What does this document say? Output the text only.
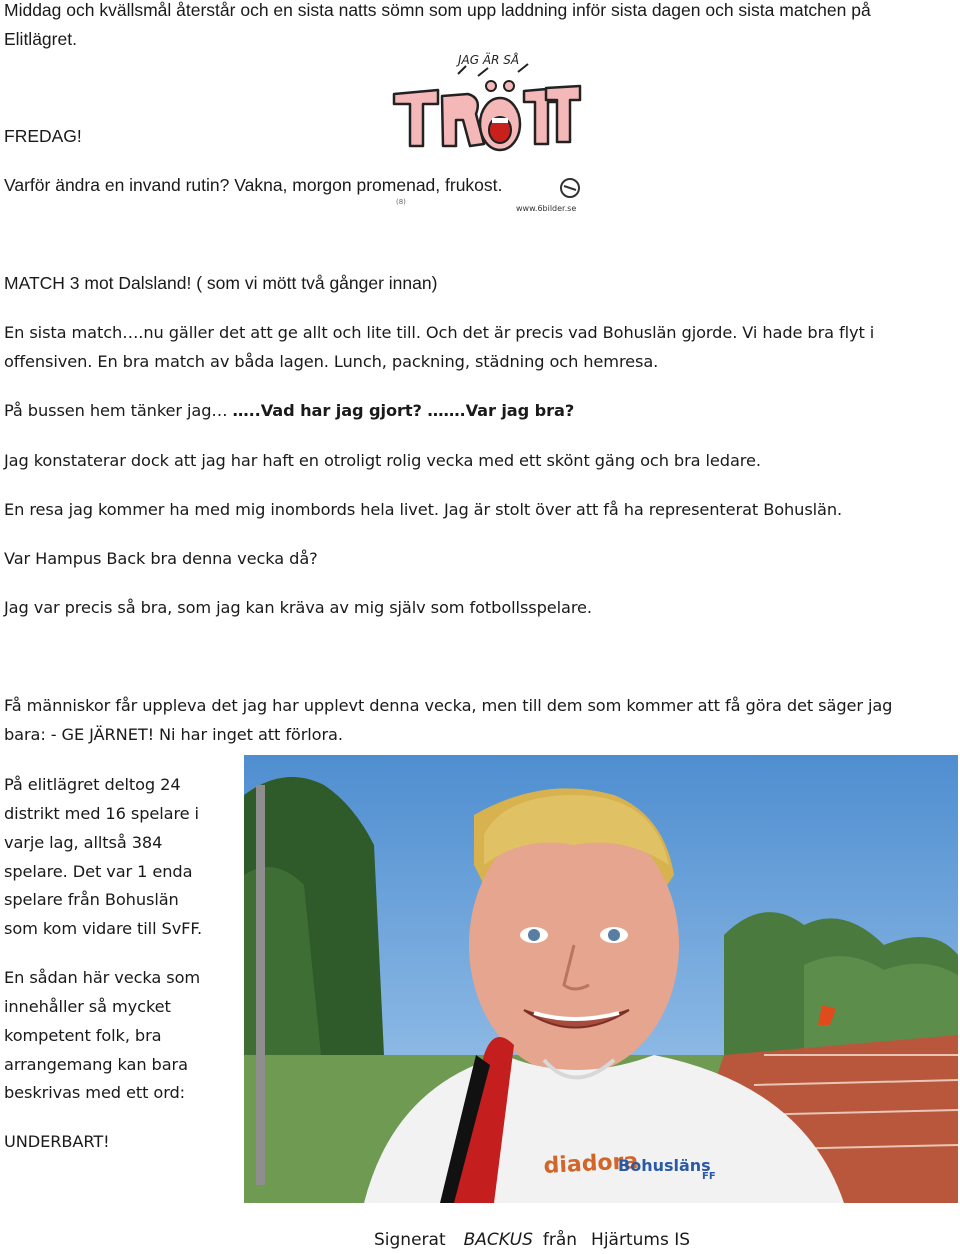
Middag och kvällsmål återstår och en sista natts sömn som upp laddning inför sista dagen och sista matchen på

Elitlägret.

JAG ÄR SÅ
(8)
www.6bilder.se

FREDAG!

Varför ändra en invand rutin? Vakna, morgon promenad, frukost.

MATCH 3 mot Dalsland! ( som vi mött två gånger innan)

En sista match….nu gäller det att ge allt och lite till. Och det är precis vad Bohuslän gjorde. Vi hade bra flyt i

offensiven. En bra match av båda lagen. Lunch, packning, städning och hemresa.

På bussen hem tänker jag… …..Vad har jag gjort? …….Var jag bra?

Jag konstaterar dock att jag har haft en otroligt rolig vecka med ett skönt gäng och bra ledare.

En resa jag kommer ha med mig inombords hela livet. Jag är stolt över att få ha representerat Bohuslän.

Var Hampus Back bra denna vecka då?

Jag var precis så bra, som jag kan kräva av mig själv som fotbollsspelare.

Få människor får uppleva det jag har upplevt denna vecka, men till dem som kommer att få göra det säger jag

bara: - GE JÄRNET! Ni har inget att förlora.

På elitlägret deltog 24

distrikt med 16 spelare i

varje lag, alltså 384

spelare. Det var 1 enda

spelare från Bohuslän

som kom vidare till SvFF.

En sådan här vecka som

innehåller så mycket

kompetent folk, bra

arrangemang kan bara

beskrivas med ett ord:

UNDERBART!

diadora
Bohusläns
FF
Signerat BACKUS från Hjärtums IS
